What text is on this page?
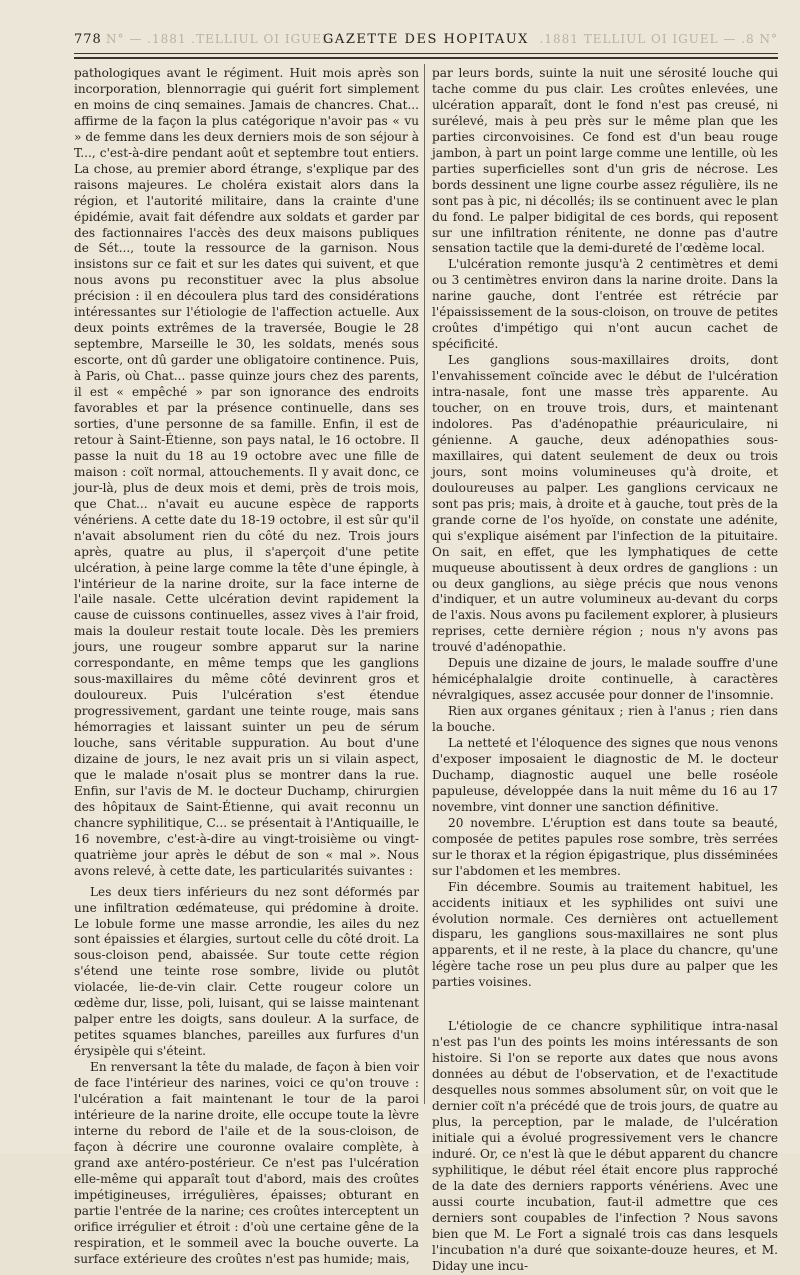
778 N° — .1881 .TELLIUL OI IGUEL
GAZETTE DES HOPITAUX .1881 TELLIUL OI IGUEL — .8 N°

pathologiques avant le régiment. Huit mois après son incorporation, blennorragie qui guérit fort simplement en moins de cinq semaines. Jamais de chancres. Chat... affirme de la façon la plus catégorique n'avoir pas « vu » de femme dans les deux derniers mois de son séjour à T..., c'est-à-dire pendant août et septembre tout entiers. La chose, au premier abord étrange, s'explique par des raisons majeures. Le choléra existait alors dans la région, et l'autorité militaire, dans la crainte d'une épidémie, avait fait défendre aux soldats et garder par des factionnaires l'accès des deux maisons publiques de Sét..., toute la ressource de la garnison. Nous insistons sur ce fait et sur les dates qui suivent, et que nous avons pu reconstituer avec la plus absolue précision : il en découlera plus tard des considérations intéressantes sur l'étiologie de l'affection actuelle. Aux deux points extrêmes de la traversée, Bougie le 28 septembre, Marseille le 30, les soldats, menés sous escorte, ont dû garder une obligatoire continence. Puis, à Paris, où Chat... passe quinze jours chez des parents, il est « empêché » par son ignorance des endroits favorables et par la présence continuelle, dans ses sorties, d'une personne de sa famille. Enfin, il est de retour à Saint-Étienne, son pays natal, le 16 octobre. Il passe la nuit du 18 au 19 octobre avec une fille de maison : coït normal, attouchements. Il y avait donc, ce jour-là, plus de deux mois et demi, près de trois mois, que Chat... n'avait eu aucune espèce de rapports vénériens. A cette date du 18-19 octobre, il est sûr qu'il n'avait absolument rien du côté du nez. Trois jours après, quatre au plus, il s'aperçoit d'une petite ulcération, à peine large comme la tête d'une épingle, à l'intérieur de la narine droite, sur la face interne de l'aile nasale. Cette ulcération devint rapidement la cause de cuissons continuelles, assez vives à l'air froid, mais la douleur restait toute locale. Dès les premiers jours, une rougeur sombre apparut sur la narine correspondante, en même temps que les ganglions sous-maxillaires du même côté devinrent gros et douloureux. Puis l'ulcération s'est étendue progressivement, gardant une teinte rouge, mais sans hémorragies et laissant suinter un peu de sérum louche, sans véritable suppuration. Au bout d'une dizaine de jours, le nez avait pris un si vilain aspect, que le malade n'osait plus se montrer dans la rue. Enfin, sur l'avis de M. le docteur Duchamp, chirurgien des hôpitaux de Saint-Étienne, qui avait reconnu un chancre syphilitique, C... se présentait à l'Antiquaille, le 16 novembre, c'est-à-dire au vingt-troisième ou vingt-quatrième jour après le début de son « mal ». Nous avons relevé, à cette date, les particularités suivantes :

Les deux tiers inférieurs du nez sont déformés par une infiltration œdémateuse, qui prédomine à droite. Le lobule forme une masse arrondie, les ailes du nez sont épaissies et élargies, surtout celle du côté droit. La sous-cloison pend, abaissée. Sur toute cette région s'étend une teinte rose sombre, livide ou plutôt violacée, lie-de-vin clair. Cette rougeur colore un œdème dur, lisse, poli, luisant, qui se laisse maintenant palper entre les doigts, sans douleur. A la surface, de petites squames blanches, pareilles aux furfures d'un érysipèle qui s'éteint.

En renversant la tête du malade, de façon à bien voir de face l'intérieur des narines, voici ce qu'on trouve : l'ulcération a fait maintenant le tour de la paroi intérieure de la narine droite, elle occupe toute la lèvre interne du rebord de l'aile et de la sous-cloison, de façon à décrire une couronne ovalaire complète, à grand axe antéro-postérieur. Ce n'est pas l'ulcération elle-même qui apparaît tout d'abord, mais des croûtes impétigineuses, irrégulières, épaisses; obturant en partie l'entrée de la narine; ces croûtes interceptent un orifice irrégulier et étroit : d'où une certaine gêne de la respiration, et le sommeil avec la bouche ouverte. La surface extérieure des croûtes n'est pas humide; mais,

par leurs bords, suinte la nuit une sérosité louche qui tache comme du pus clair. Les croûtes enlevées, une ulcération apparaît, dont le fond n'est pas creusé, ni surélevé, mais à peu près sur le même plan que les parties circonvoisines. Ce fond est d'un beau rouge jambon, à part un point large comme une lentille, où les parties superficielles sont d'un gris de nécrose. Les bords dessinent une ligne courbe assez régulière, ils ne sont pas à pic, ni décollés; ils se continuent avec le plan du fond. Le palper bidigital de ces bords, qui reposent sur une infiltration rénitente, ne donne pas d'autre sensation tactile que la demi-dureté de l'œdème local.

L'ulcération remonte jusqu'à 2 centimètres et demi ou 3 centimètres environ dans la narine droite. Dans la narine gauche, dont l'entrée est rétrécie par l'épaississement de la sous-cloison, on trouve de petites croûtes d'impétigo qui n'ont aucun cachet de spécificité.

Les ganglions sous-maxillaires droits, dont l'envahissement coïncide avec le début de l'ulcération intra-nasale, font une masse très apparente. Au toucher, on en trouve trois, durs, et maintenant indolores. Pas d'adénopathie préauriculaire, ni génienne. A gauche, deux adénopathies sous-maxillaires, qui datent seulement de deux ou trois jours, sont moins volumineuses qu'à droite, et douloureuses au palper. Les ganglions cervicaux ne sont pas pris; mais, à droite et à gauche, tout près de la grande corne de l'os hyoïde, on constate une adénite, qui s'explique aisément par l'infection de la pituitaire. On sait, en effet, que les lymphatiques de cette muqueuse aboutissent à deux ordres de ganglions : un ou deux ganglions, au siège précis que nous venons d'indiquer, et un autre volumineux au-devant du corps de l'axis. Nous avons pu facilement explorer, à plusieurs reprises, cette dernière région ; nous n'y avons pas trouvé d'adénopathie.

Depuis une dizaine de jours, le malade souffre d'une hémicéphalalgie droite continuelle, à caractères névralgiques, assez accusée pour donner de l'insomnie.

Rien aux organes génitaux ; rien à l'anus ; rien dans la bouche.

La netteté et l'éloquence des signes que nous venons d'exposer imposaient le diagnostic de M. le docteur Duchamp, diagnostic auquel une belle roséole papuleuse, développée dans la nuit même du 16 au 17 novembre, vint donner une sanction définitive.

20 novembre. L'éruption est dans toute sa beauté, composée de petites papules rose sombre, très serrées sur le thorax et la région épigastrique, plus disséminées sur l'abdomen et les membres.

Fin décembre. Soumis au traitement habituel, les accidents initiaux et les syphilides ont suivi une évolution normale. Ces dernières ont actuellement disparu, les ganglions sous-maxillaires ne sont plus apparents, et il ne reste, à la place du chancre, qu'une légère tache rose un peu plus dure au palper que les parties voisines.

L'étiologie de ce chancre syphilitique intra-nasal n'est pas l'un des points les moins intéressants de son histoire. Si l'on se reporte aux dates que nous avons données au début de l'observation, et de l'exactitude desquelles nous sommes absolument sûr, on voit que le dernier coït n'a précédé que de trois jours, de quatre au plus, la perception, par le malade, de l'ulcération initiale qui a évolué progressivement vers le chancre induré. Or, ce n'est là que le début apparent du chancre syphilitique, le début réel était encore plus rapproché de la date des derniers rapports vénériens. Avec une aussi courte incubation, faut-il admettre que ces derniers sont coupables de l'infection ? Nous savons bien que M. Le Fort a signalé trois cas dans lesquels l'incubation n'a duré que soixante-douze heures, et M. Diday une incu-
